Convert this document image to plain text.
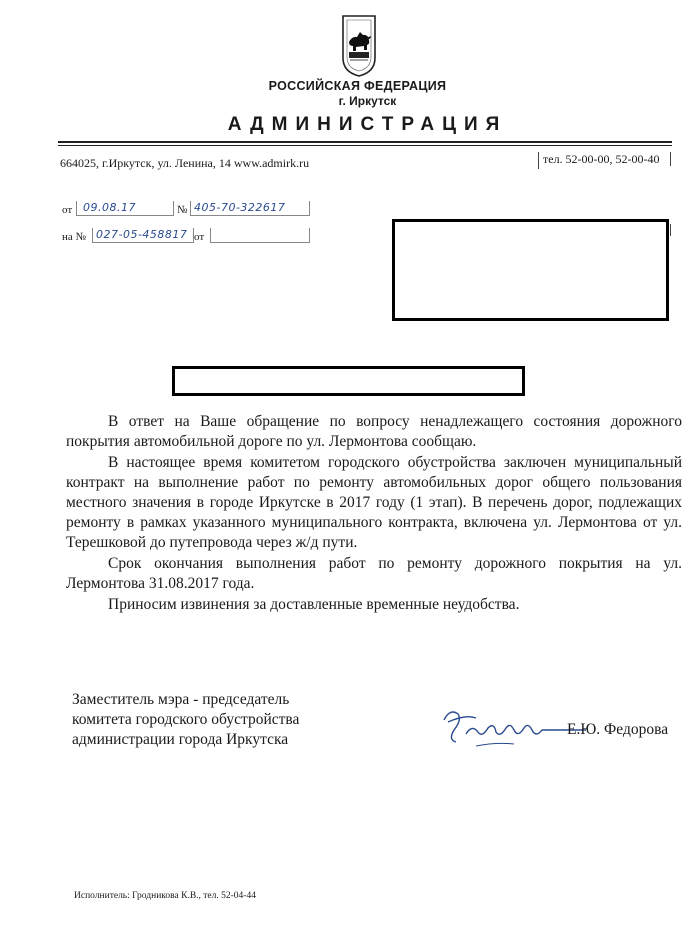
РОССИЙСКАЯ ФЕДЕРАЦИЯ
г. Иркутск
АДМИНИСТРАЦИЯ
664025, г.Иркутск, ул. Ленина, 14 www.admirk.ru	тел. 52-00-00, 52-00-40
от 09.08.17	№ 405-70-322617
на № 027-05-458817 от

В ответ на Ваше обращение по вопросу ненадлежащего состояния дорожного покрытия автомобильной дороге по ул. Лермонтова сообщаю.

В настоящее время комитетом городского обустройства заключен муниципальный контракт на выполнение работ по ремонту автомобильных дорог общего пользования местного значения в городе Иркутске в 2017 году (1 этап). В перечень дорог, подлежащих ремонту в рамках указанного муниципального контракта, включена ул. Лермонтова от ул. Терешковой до путепровода через ж/д пути.

Срок окончания выполнения работ по ремонту дорожного покрытия на ул. Лермонтова 31.08.2017 года.

Приносим извинения за доставленные временные неудобства.

Заместитель мэра - председатель
комитета городского обустройства
администрации города Иркутска
Е.Ю. Федорова
Исполнитель: Гродникова К.В., тел. 52-04-44
